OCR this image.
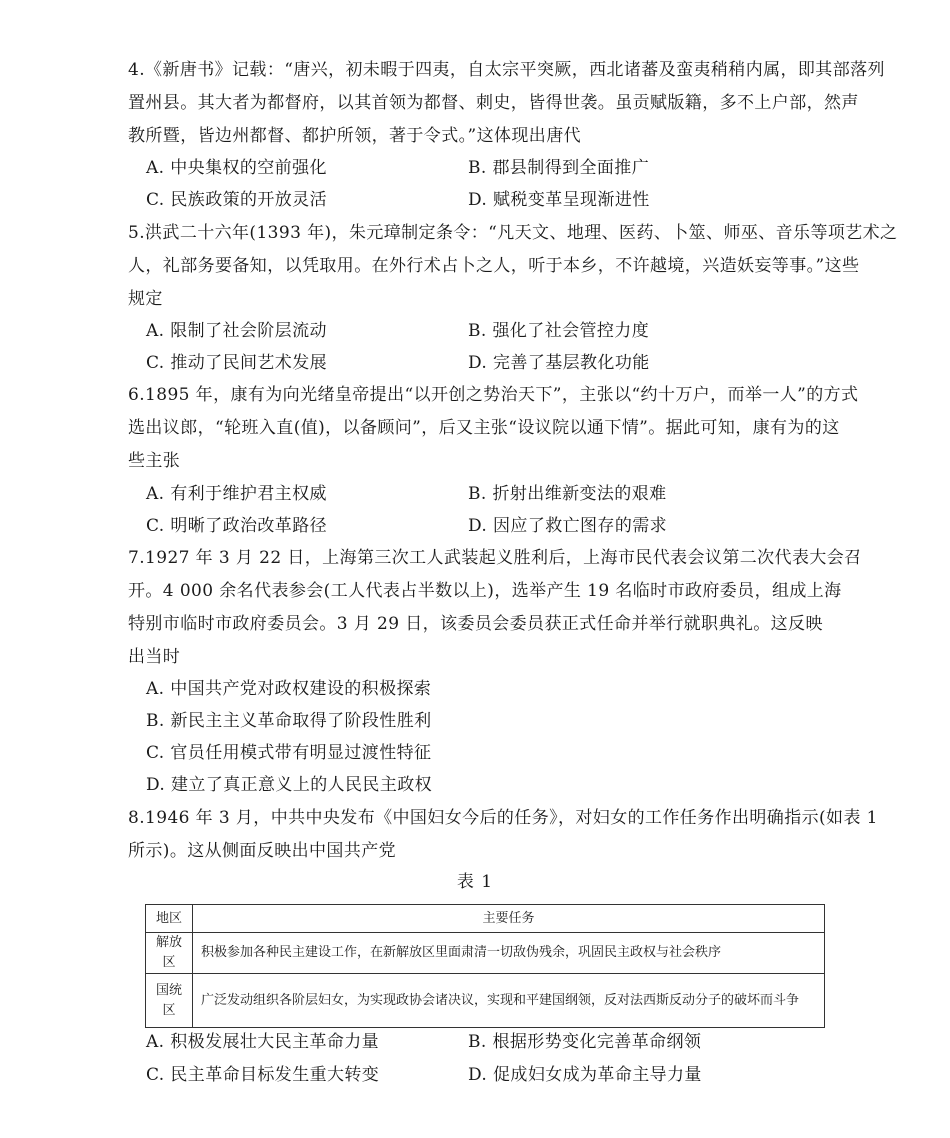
4.《新唐书》记载：“唐兴，初未暇于四夷，自太宗平突厥，西北诸蕃及蛮夷稍稍内属，即其部落列
置州县。其大者为都督府，以其首领为都督、刺史，皆得世袭。虽贡赋版籍，多不上户部，然声
教所暨，皆边州都督、都护所领，著于令式。”这体现出唐代
A. 中央集权的空前强化	B. 郡县制得到全面推广
C. 民族政策的开放灵活	D. 赋税变革呈现渐进性
5.洪武二十六年(1393 年)，朱元璋制定条令：“凡天文、地理、医药、卜筮、师巫、音乐等项艺术之
人，礼部务要备知，以凭取用。在外行术占卜之人，听于本乡，不许越境，兴造妖妄等事。”这些
规定
A. 限制了社会阶层流动	B. 强化了社会管控力度
C. 推动了民间艺术发展	D. 完善了基层教化功能
6.1895 年，康有为向光绪皇帝提出“以开创之势治天下”，主张以“约十万户，而举一人”的方式
选出议郎，“轮班入直(值)，以备顾问”，后又主张“设议院以通下情”。据此可知，康有为的这
些主张
A. 有利于维护君主权威	B. 折射出维新变法的艰难
C. 明晰了政治改革路径	D. 因应了救亡图存的需求
7.1927 年 3 月 22 日，上海第三次工人武装起义胜利后，上海市民代表会议第二次代表大会召
开。4 000 余名代表参会(工人代表占半数以上)，选举产生 19 名临时市政府委员，组成上海
特别市临时市政府委员会。3 月 29 日，该委员会委员获正式任命并举行就职典礼。这反映
出当时
A. 中国共产党对政权建设的积极探索
B. 新民主主义革命取得了阶段性胜利
C. 官员任用模式带有明显过渡性特征
D. 建立了真正意义上的人民民主政权
8.1946 年 3 月，中共中央发布《中国妇女今后的任务》，对妇女的工作任务作出明确指示(如表 1
所示)。这从侧面反映出中国共产党
表 1
地区	主要任务
解放区	积极参加各种民主建设工作，在新解放区里面肃清一切敌伪残余，巩固民主政权与社会秩序
国统区	广泛发动组织各阶层妇女，为实现政协会诸决议，实现和平建国纲领，反对法西斯反动分子的破坏而斗争
A. 积极发展壮大民主革命力量	B. 根据形势变化完善革命纲领
C. 民主革命目标发生重大转变	D. 促成妇女成为革命主导力量
